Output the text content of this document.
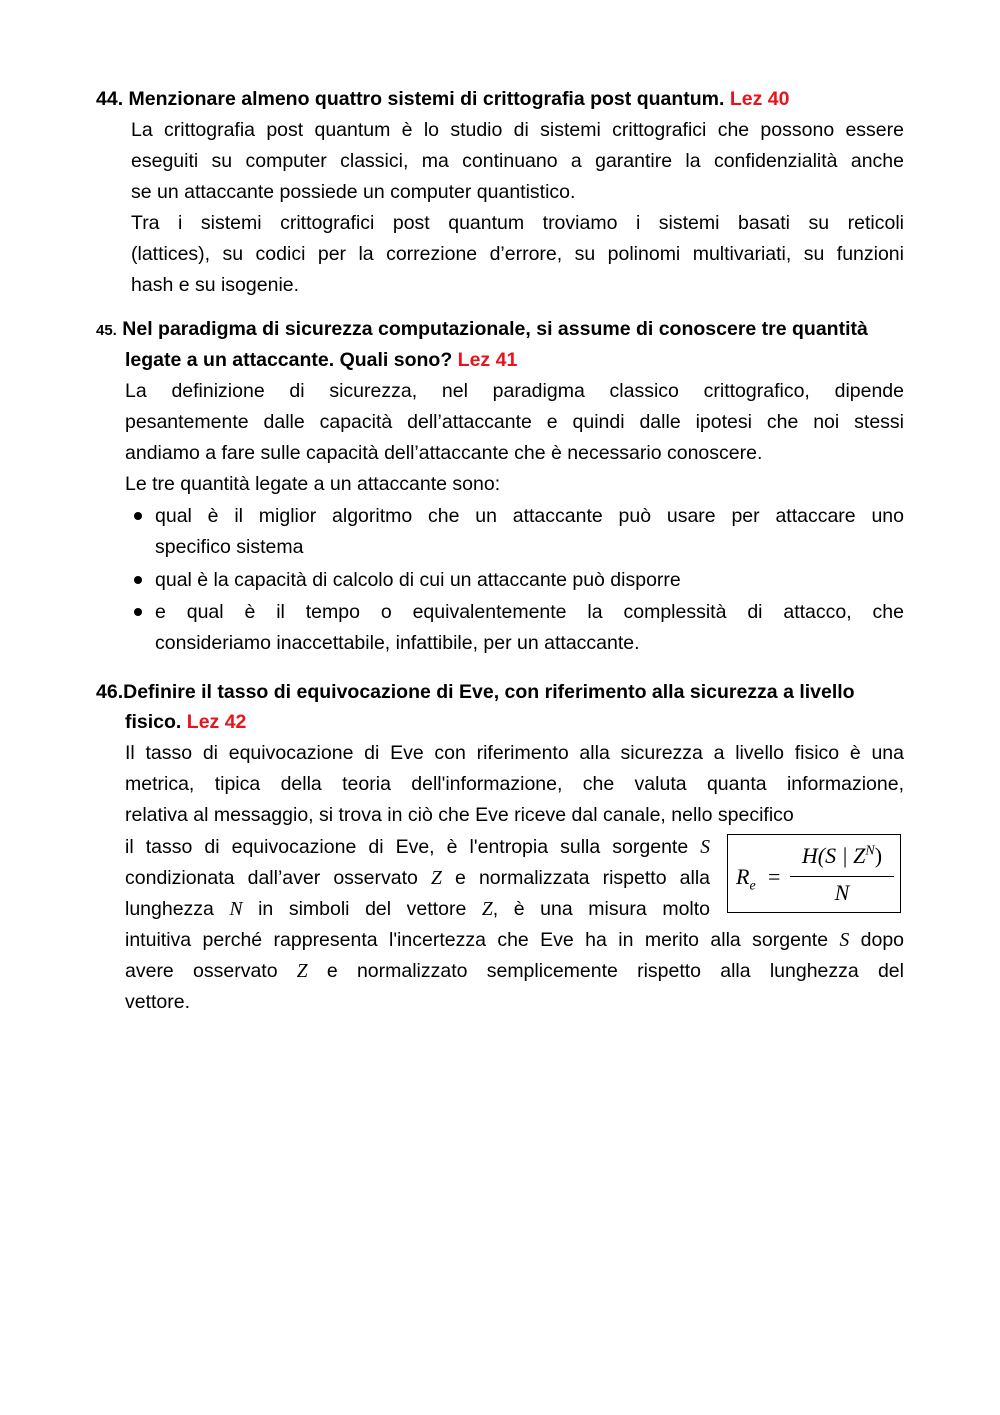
44. Menzionare almeno quattro sistemi di crittografia post quantum. Lez 40
La crittografia post quantum è lo studio di sistemi crittografici che possono essere
eseguiti su computer classici, ma continuano a garantire la confidenzialità anche
se un attaccante possiede un computer quantistico.
Tra i sistemi crittografici post quantum troviamo i sistemi basati su reticoli
(lattices), su codici per la correzione d’errore, su polinomi multivariati, su funzioni
hash e su isogenie.
45. Nel paradigma di sicurezza computazionale, si assume di conoscere tre quantità
legate a un attaccante. Quali sono? Lez 41
La definizione di sicurezza, nel paradigma classico crittografico, dipende
pesantemente dalle capacità dell’attaccante e quindi dalle ipotesi che noi stessi
andiamo a fare sulle capacità dell’attaccante che è necessario conoscere.
Le tre quantità legate a un attaccante sono:
qual è il miglior algoritmo che un attaccante può usare per attaccare uno
specifico sistema
qual è la capacità di calcolo di cui un attaccante può disporre
e qual è il tempo o equivalentemente la complessità di attacco, che
consideriamo inaccettabile, infattibile, per un attaccante.
46.Definire il tasso di equivocazione di Eve, con riferimento alla sicurezza a livello
fisico. Lez 42
Il tasso di equivocazione di Eve con riferimento alla sicurezza a livello fisico è una
metrica, tipica della teoria dell'informazione, che valuta quanta informazione,
relativa al messaggio, si trova in ciò che Eve riceve dal canale, nello specifico
il tasso di equivocazione di Eve, è l'entropia sulla sorgente S
condizionata dall’aver osservato Z e normalizzata rispetto alla
lunghezza N in simboli del vettore Z, è una misura molto
intuitiva perché rappresenta l'incertezza che Eve ha in merito alla sorgente S dopo
avere osservato Z e normalizzato semplicemente rispetto alla lunghezza del
vettore.
$R_e$ =
H(S | $Z^N$)
N
